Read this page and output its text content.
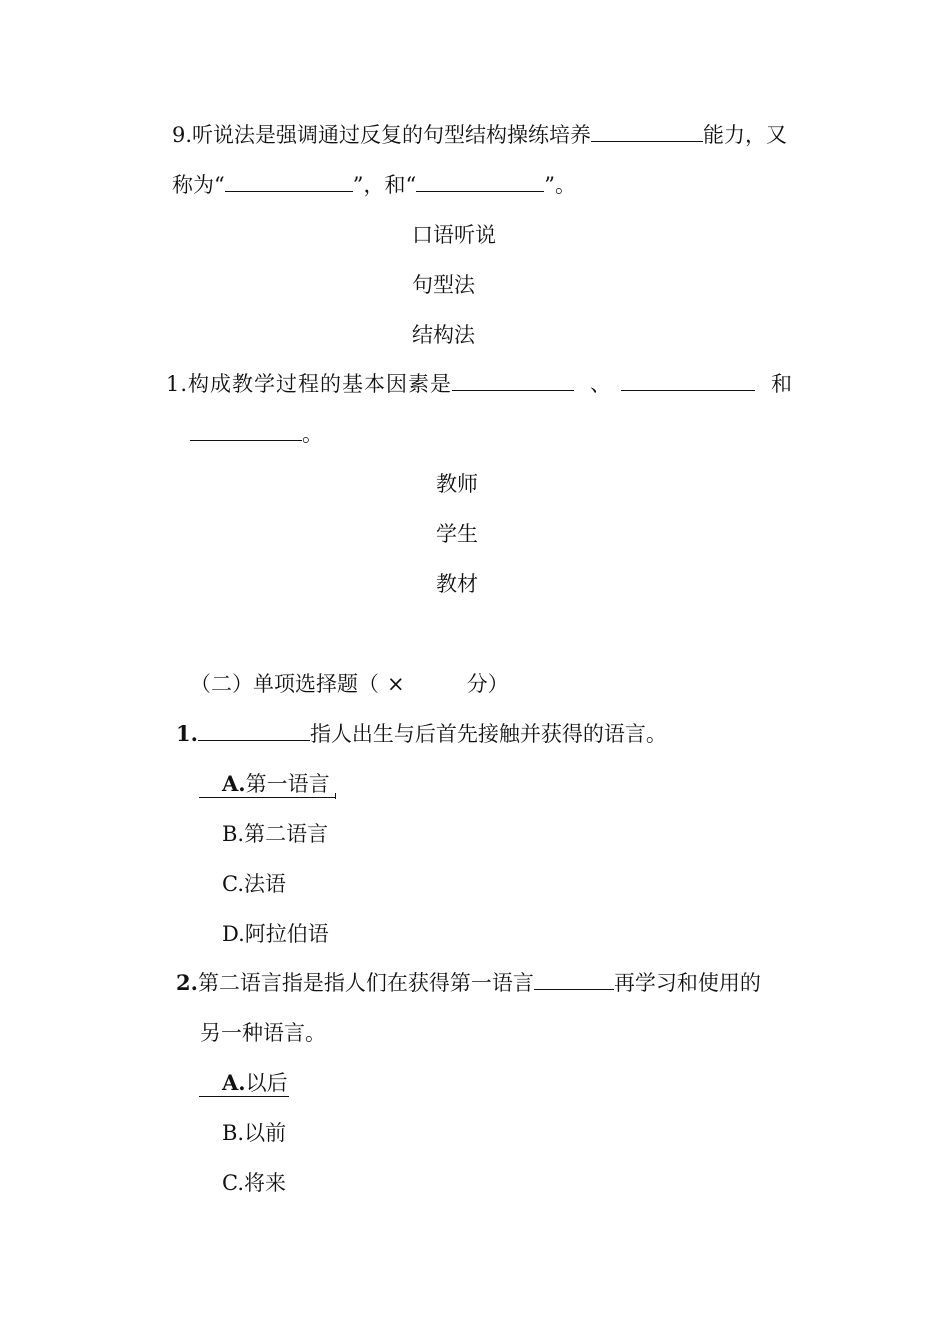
9.听说法是强调通过反复的句型结构操练培养	能力，又
称为“	”，和“	”。
口语听说
句型法
结构法
1.构成教学过程的基本因素是	、	和
。
教师
学生
教材
（二）单项选择题（ ×	分）
1.	指人出生与后首先接触并获得的语言。
A.第一语言
B.第二语言
C.法语
D.阿拉伯语
2.第二语言指是指人们在获得第一语言	再学习和使用的
另一种语言。
A.以后
B.以前
C.将来
